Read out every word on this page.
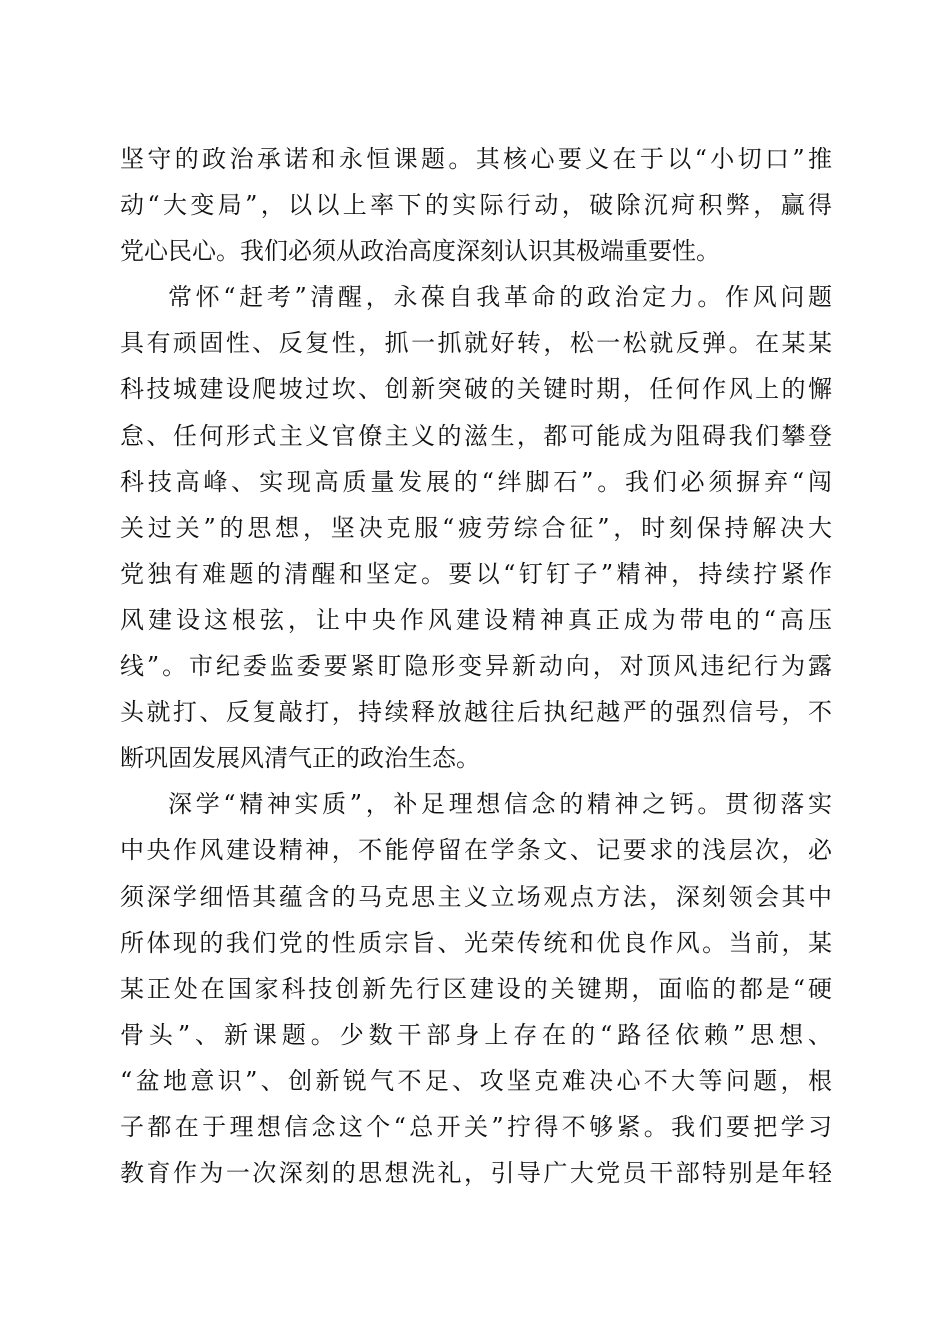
坚守的政治承诺和永恒课题。其核心要义在于以“小切口”推
动“大变局”，以以上率下的实际行动，破除沉疴积弊，赢得
党心民心。我们必须从政治高度深刻认识其极端重要性。
常怀“赶考”清醒，永葆自我革命的政治定力。作风问题
具有顽固性、反复性，抓一抓就好转，松一松就反弹。在某某
科技城建设爬坡过坎、创新突破的关键时期，任何作风上的懈
怠、任何形式主义官僚主义的滋生，都可能成为阻碍我们攀登
科技高峰、实现高质量发展的“绊脚石”。我们必须摒弃“闯
关过关”的思想，坚决克服“疲劳综合征”，时刻保持解决大
党独有难题的清醒和坚定。要以“钉钉子”精神，持续拧紧作
风建设这根弦，让中央作风建设精神真正成为带电的“高压
线”。市纪委监委要紧盯隐形变异新动向，对顶风违纪行为露
头就打、反复敲打，持续释放越往后执纪越严的强烈信号，不
断巩固发展风清气正的政治生态。
深学“精神实质”，补足理想信念的精神之钙。贯彻落实
中央作风建设精神，不能停留在学条文、记要求的浅层次，必
须深学细悟其蕴含的马克思主义立场观点方法，深刻领会其中
所体现的我们党的性质宗旨、光荣传统和优良作风。当前，某
某正处在国家科技创新先行区建设的关键期，面临的都是“硬
骨头”、新课题。少数干部身上存在的“路径依赖”思想、
“盆地意识”、创新锐气不足、攻坚克难决心不大等问题，根
子都在于理想信念这个“总开关”拧得不够紧。我们要把学习
教育作为一次深刻的思想洗礼，引导广大党员干部特别是年轻
